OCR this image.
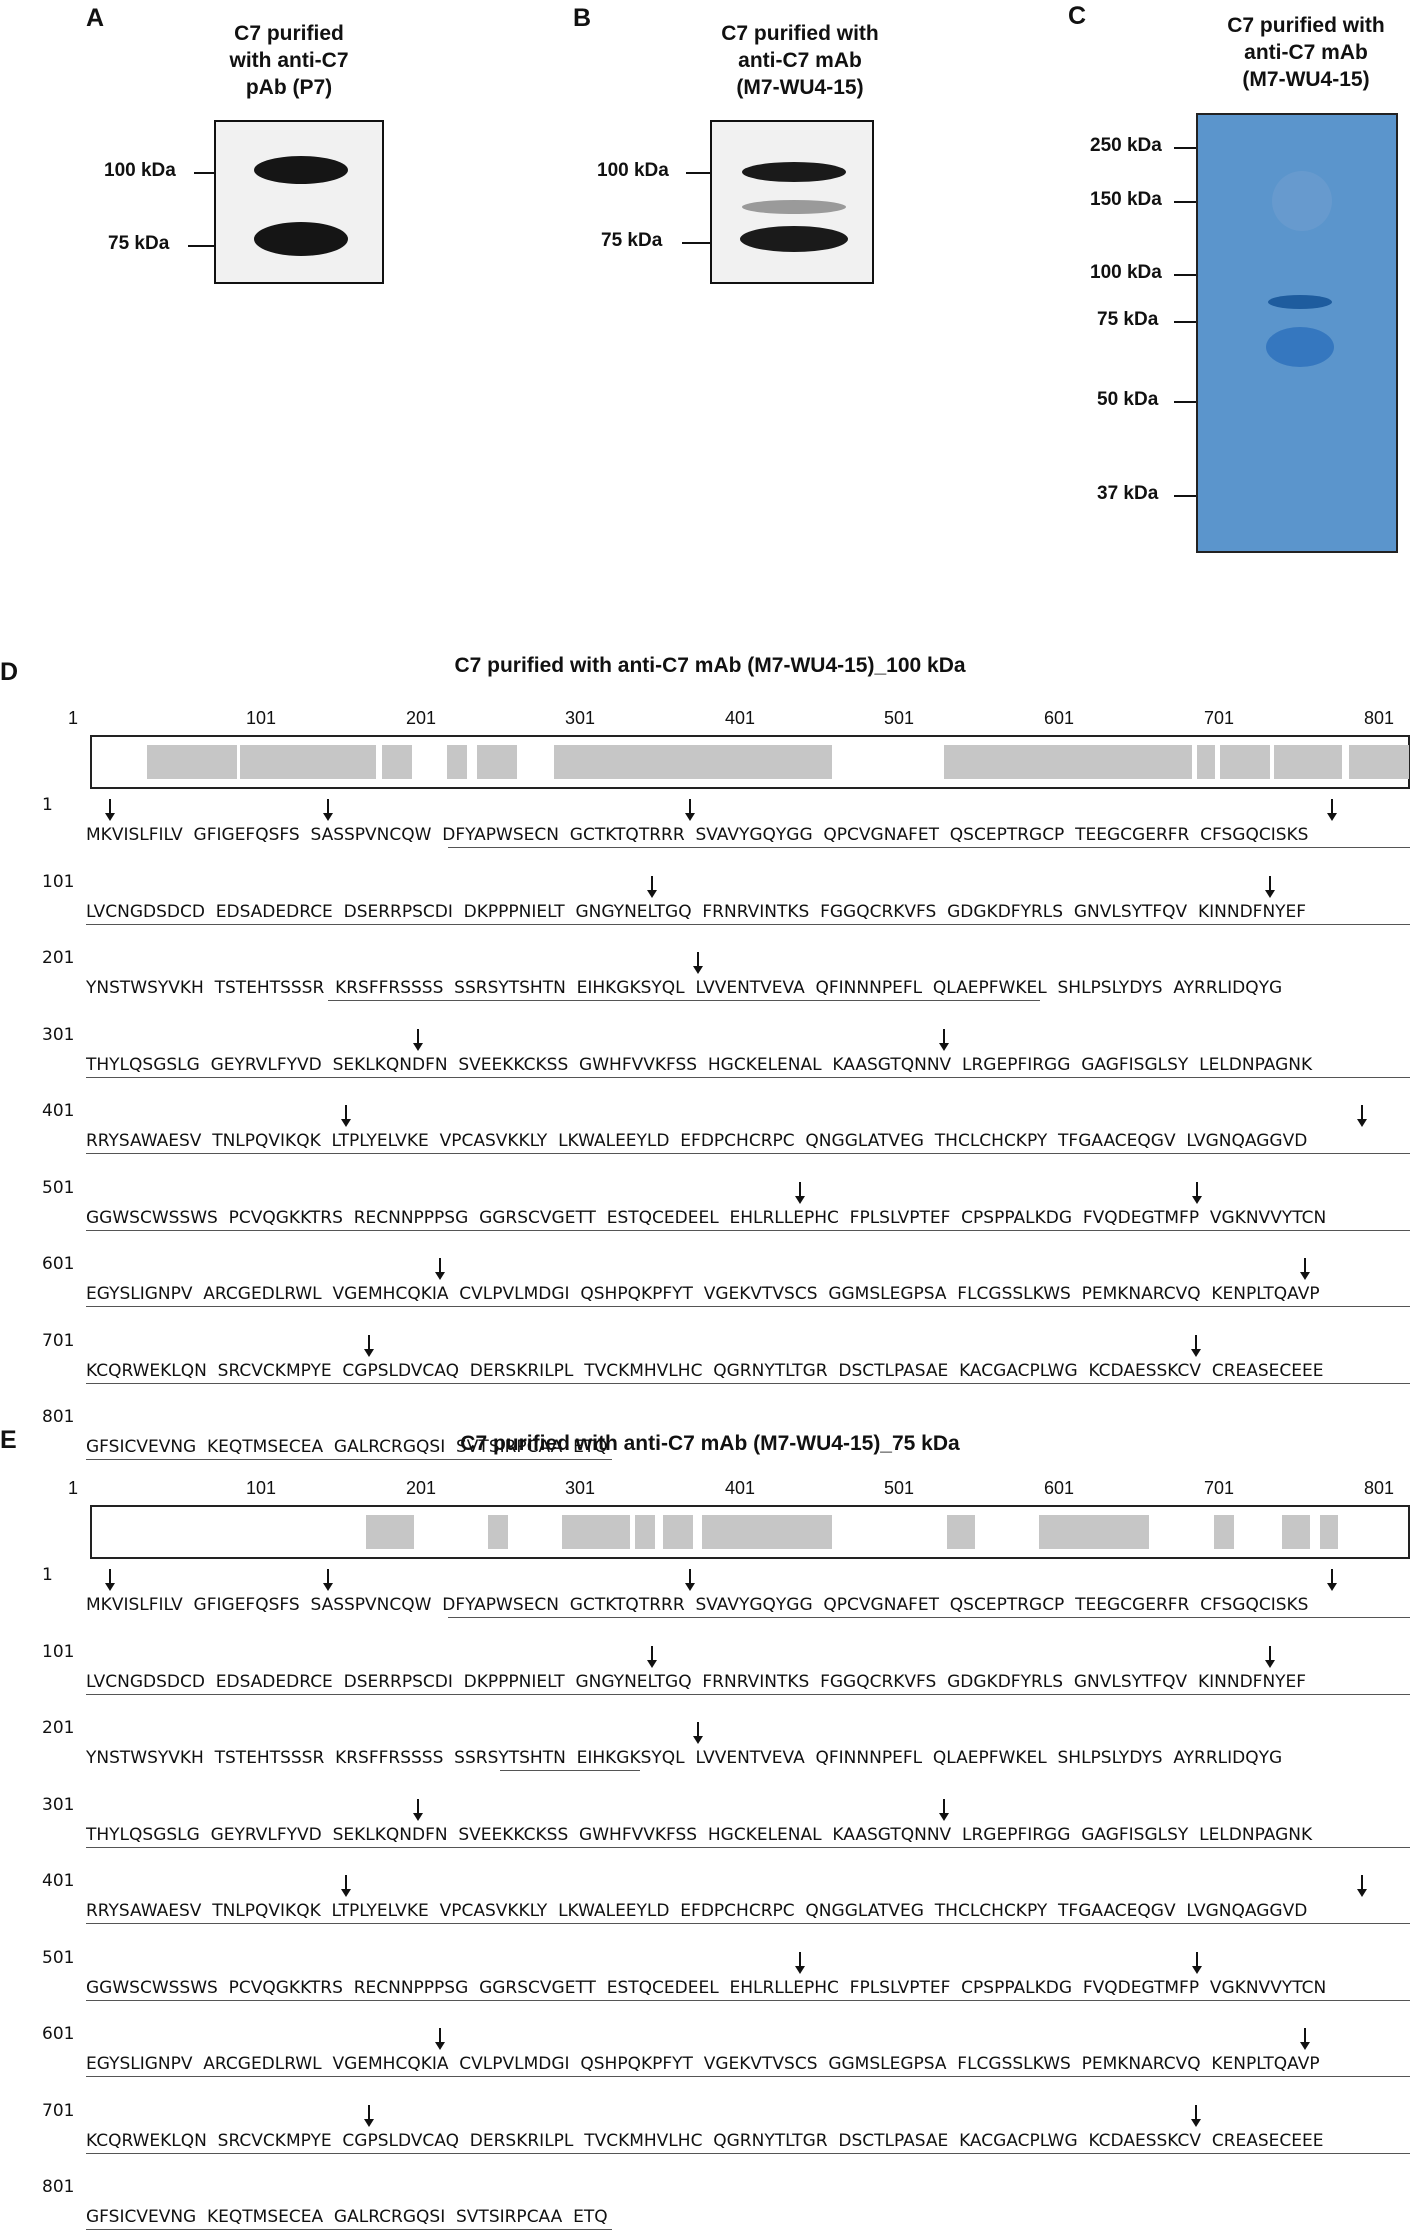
A
C7 purified
with anti-C7
pAb (P7)
100 kDa
75 kDa
B
C7 purified with
anti-C7 mAb
(M7-WU4-15)
100 kDa
75 kDa
C	C7 purified with
anti-C7 mAb
(M7-WU4-15)
250 kDa
150 kDa
100 kDa
75 kDa
50 kDa
37 kDa
D	C7 purified with anti-C7 mAb (M7-WU4-15)_100 kDa
1	101	201	301	401	501	601	701	801
1
MKVISLFILV  GFIGEFQSFS  SASSPVNCQW  DFYAPWSECN  GCTKTQTRRR  SVAVYGQYGG  QPCVGNAFET  QSCEPTRGCP  TEEGCGERFR  CFSGQCISKS
101
LVCNGDSDCD  EDSADEDRCE  DSERRPSCDI  DKPPPNIELT  GNGYNELTGQ  FRNRVINTKS  FGGQCRKVFS  GDGKDFYRLS  GNVLSYTFQV  KINNDFNYEF
201
YNSTWSYVKH  TSTEHTSSSR  KRSFFRSSSS  SSRSYTSHTN  EIHKGKSYQL  LVVENTVEVA  QFINNNPEFL  QLAEPFWKEL  SHLPSLYDYS  AYRRLIDQYG
301
THYLQSGSLG  GEYRVLFYVD  SEKLKQNDFN  SVEEKKCKSS  GWHFVVKFSS  HGCKELENAL  KAASGTQNNV  LRGEPFIRGG  GAGFISGLSY  LELDNPAGNK
401
RRYSAWAESV  TNLPQVIKQK  LTPLYELVKE  VPCASVKKLY  LKWALEEYLD  EFDPCHCRPC  QNGGLATVEG  THCLCHCKPY  TFGAACEQGV  LVGNQAGGVD
501
GGWSCWSSWS  PCVQGKKTRS  RECNNPPPSG  GGRSCVGETT  ESTQCEDEEL  EHLRLLEPHC  FPLSLVPTEF  CPSPPALKDG  FVQDEGTMFP  VGKNVVYTCN
601
EGYSLIGNPV  ARCGEDLRWL  VGEMHCQKIA  CVLPVLMDGI  QSHPQKPFYT  VGEKVTVSCS  GGMSLEGPSA  FLCGSSLKWS  PEMKNARCVQ  KENPLTQAVP
701
KCQRWEKLQN  SRCVCKMPYE  CGPSLDVCAQ  DERSKRILPL  TVCKMHVLHC  QGRNYTLTGR  DSCTLPASAE  KACGACPLWG  KCDAESSKCV  CREASECEEE
801
GFSICVEVNG  KEQTMSECEA  GALRCRGQSI  SVTSIRPCAA  ETQ
E	C7 purified with anti-C7 mAb (M7-WU4-15)_75 kDa
1	101	201	301	401	501	601	701	801
1
MKVISLFILV  GFIGEFQSFS  SASSPVNCQW  DFYAPWSECN  GCTKTQTRRR  SVAVYGQYGG  QPCVGNAFET  QSCEPTRGCP  TEEGCGERFR  CFSGQCISKS
101
LVCNGDSDCD  EDSADEDRCE  DSERRPSCDI  DKPPPNIELT  GNGYNELTGQ  FRNRVINTKS  FGGQCRKVFS  GDGKDFYRLS  GNVLSYTFQV  KINNDFNYEF
201
YNSTWSYVKH  TSTEHTSSSR  KRSFFRSSSS  SSRSYTSHTN  EIHKGKSYQL  LVVENTVEVA  QFINNNPEFL  QLAEPFWKEL  SHLPSLYDYS  AYRRLIDQYG
301
THYLQSGSLG  GEYRVLFYVD  SEKLKQNDFN  SVEEKKCKSS  GWHFVVKFSS  HGCKELENAL  KAASGTQNNV  LRGEPFIRGG  GAGFISGLSY  LELDNPAGNK
401
RRYSAWAESV  TNLPQVIKQK  LTPLYELVKE  VPCASVKKLY  LKWALEEYLD  EFDPCHCRPC  QNGGLATVEG  THCLCHCKPY  TFGAACEQGV  LVGNQAGGVD
501
GGWSCWSSWS  PCVQGKKTRS  RECNNPPPSG  GGRSCVGETT  ESTQCEDEEL  EHLRLLEPHC  FPLSLVPTEF  CPSPPALKDG  FVQDEGTMFP  VGKNVVYTCN
601
EGYSLIGNPV  ARCGEDLRWL  VGEMHCQKIA  CVLPVLMDGI  QSHPQKPFYT  VGEKVTVSCS  GGMSLEGPSA  FLCGSSLKWS  PEMKNARCVQ  KENPLTQAVP
701
KCQRWEKLQN  SRCVCKMPYE  CGPSLDVCAQ  DERSKRILPL  TVCKMHVLHC  QGRNYTLTGR  DSCTLPASAE  KACGACPLWG  KCDAESSKCV  CREASECEEE
801
GFSICVEVNG  KEQTMSECEA  GALRCRGQSI  SVTSIRPCAA  ETQ
